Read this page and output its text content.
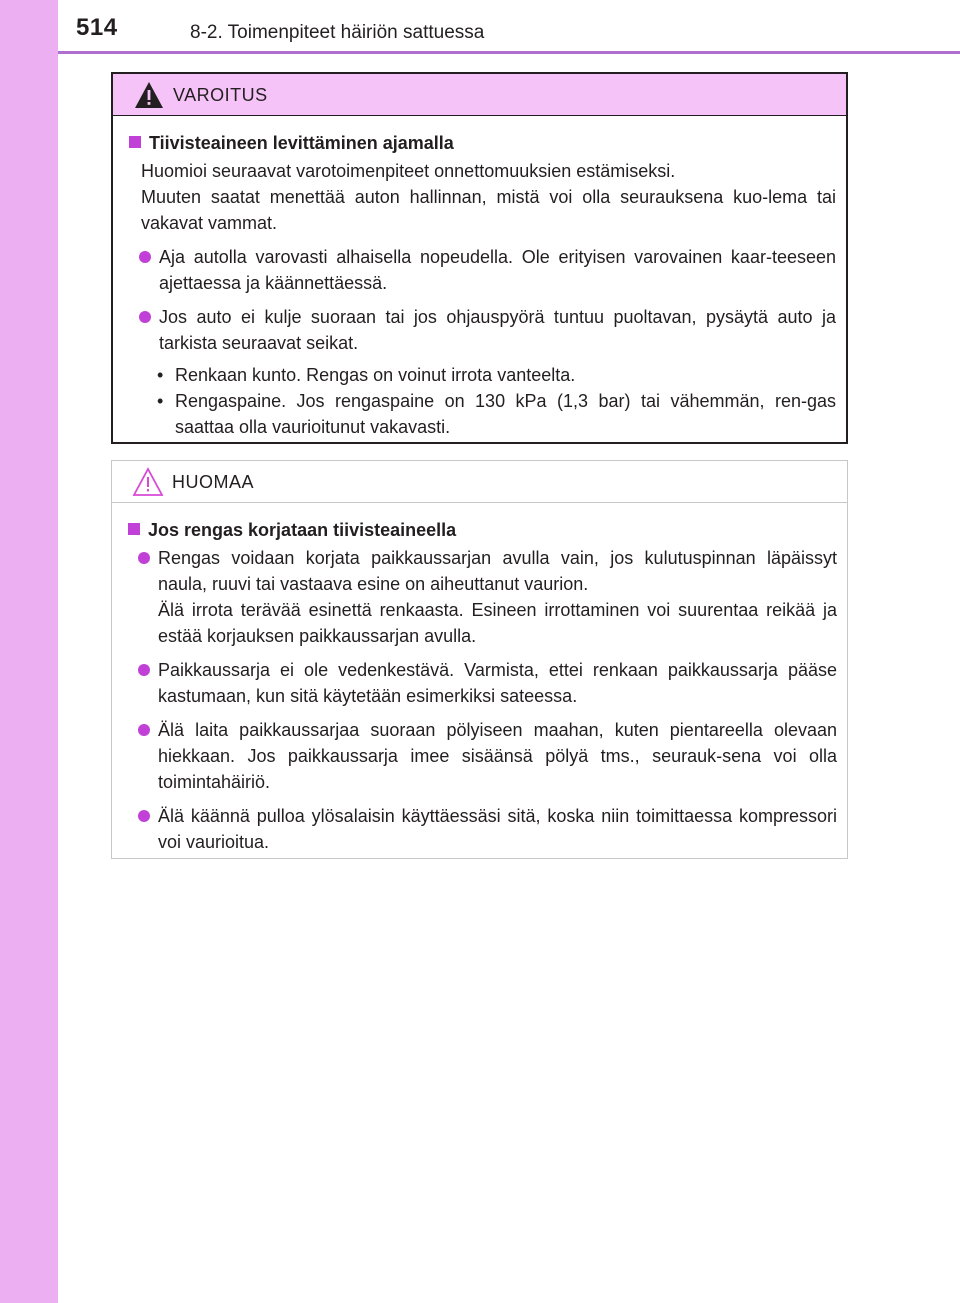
514	8-2. Toimenpiteet häiriön sattuessa
VAROITUS
Tiivisteaineen levittäminen ajamalla
Huomioi seuraavat varotoimenpiteet onnettomuuksien estämiseksi.
Muuten saatat menettää auton hallinnan, mistä voi olla seurauksena kuo-lema tai vakavat vammat.
Aja autolla varovasti alhaisella nopeudella. Ole erityisen varovainen kaar-teeseen ajettaessa ja käännettäessä.
Jos auto ei kulje suoraan tai jos ohjauspyörä tuntuu puoltavan, pysäytä auto ja tarkista seuraavat seikat.
• Renkaan kunto. Rengas on voinut irrota vanteelta.
• Rengaspaine. Jos rengaspaine on 130 kPa (1,3 bar) tai vähemmän, ren-gas saattaa olla vaurioitunut vakavasti.
HUOMAA
Jos rengas korjataan tiivisteaineella
Rengas voidaan korjata paikkaussarjan avulla vain, jos kulutuspinnan läpäissyt naula, ruuvi tai vastaava esine on aiheuttanut vaurion.
Älä irrota terävää esinettä renkaasta. Esineen irrottaminen voi suurentaa reikää ja estää korjauksen paikkaussarjan avulla.
Paikkaussarja ei ole vedenkestävä. Varmista, ettei renkaan paikkaussarja pääse kastumaan, kun sitä käytetään esimerkiksi sateessa.
Älä laita paikkaussarjaa suoraan pölyiseen maahan, kuten pientareella olevaan hiekkaan. Jos paikkaussarja imee sisäänsä pölyä tms., seurauk-sena voi olla toimintahäiriö.
Älä käännä pulloa ylösalaisin käyttäessäsi sitä, koska niin toimittaessa kompressori voi vaurioitua.
